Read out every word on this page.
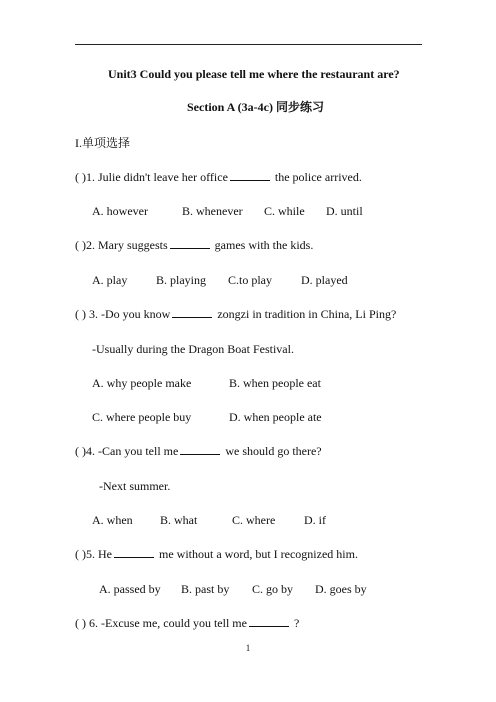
Unit3 Could you please tell me where the restaurant are?
Section A (3a-4c) 同步练习
I.单项选择
( )1. Julie didn't leave her office	the police arrived.
A. however	B. whenever C. while D. until
( )2. Mary suggests	games with the kids.
A. play B. playing C.to play D. played
( ) 3. -Do you know	zongzi in tradition in China, Li Ping?
-Usually during the Dragon Boat Festival.
A. why people make	B. when people eat
C. where people buy	D. when people ate
( )4. -Can you tell me	we should go there?
-Next summer.
A. when B. what	C. where D. if
( )5. He	me without a word, but I recognized him.
A. passed by B. past by C. go by D. goes by
( ) 6. -Excuse me, could you tell me	?
1
